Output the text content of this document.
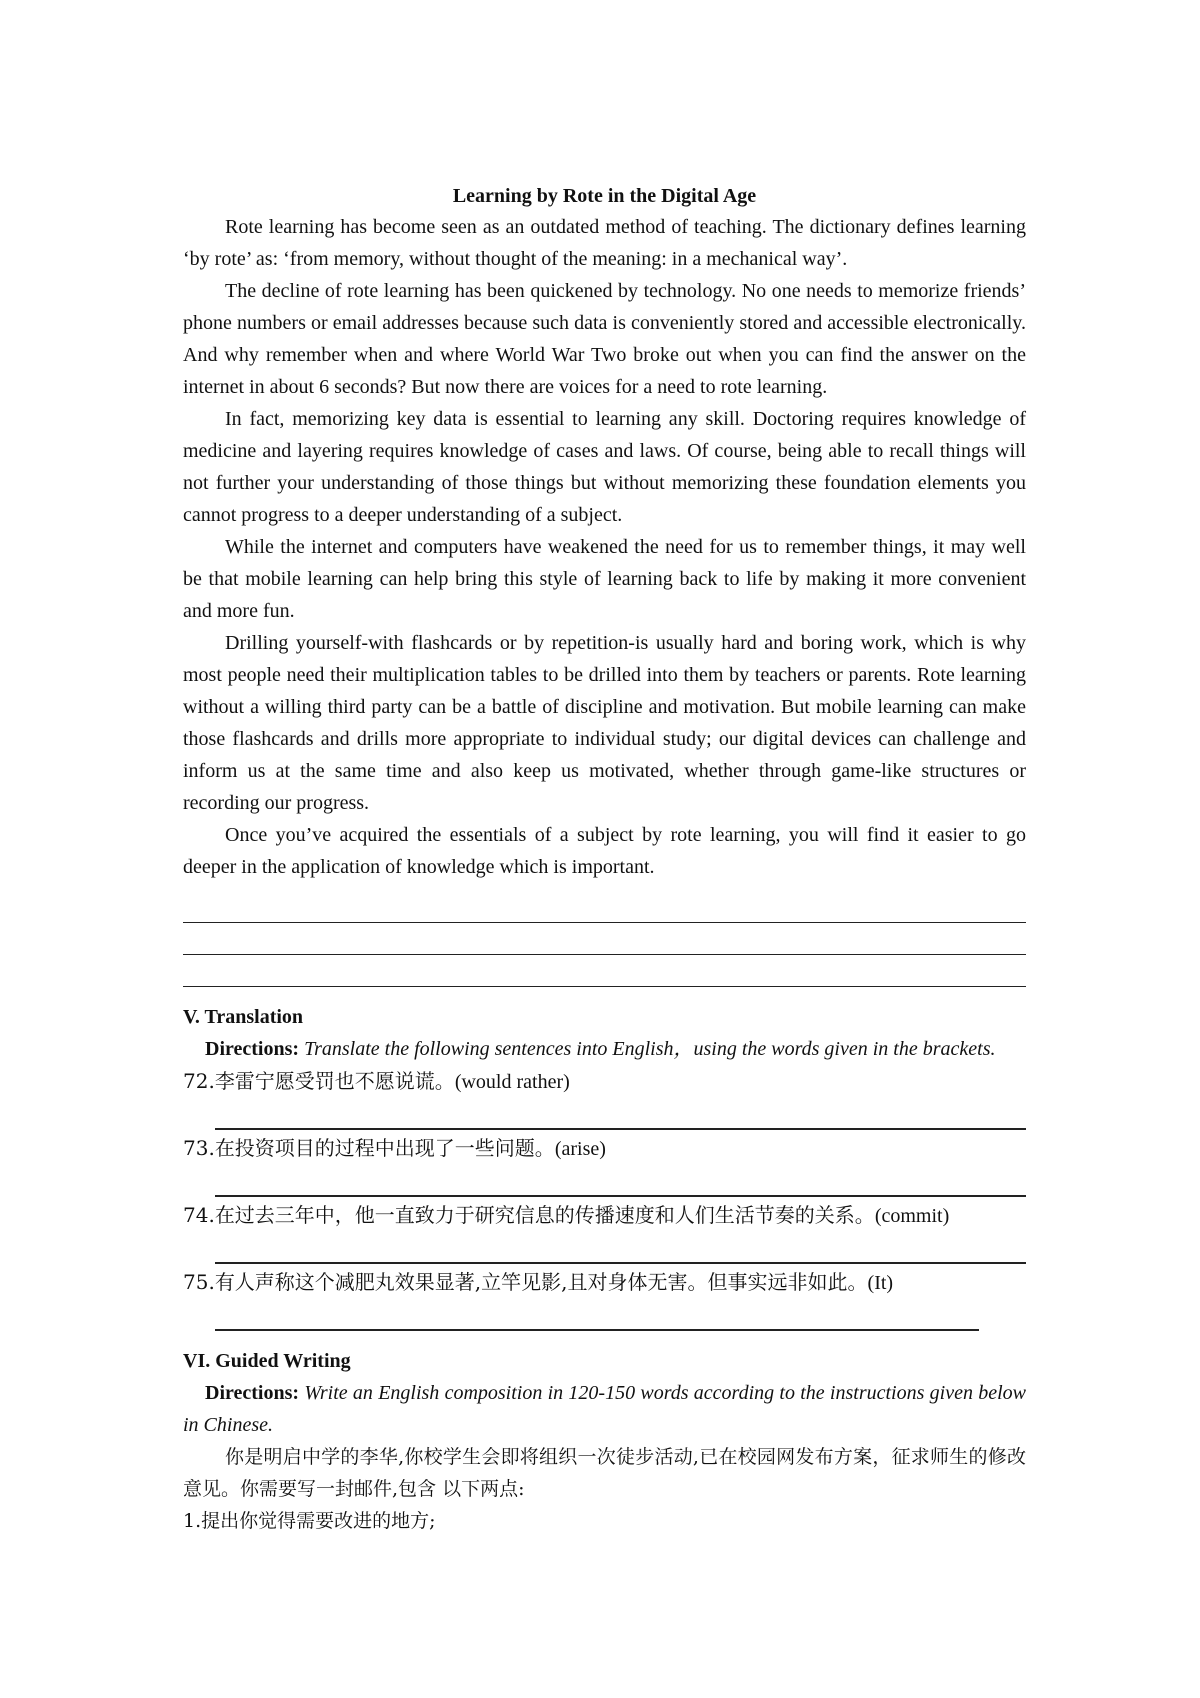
Learning by Rote in the Digital Age

Rote learning has become seen as an outdated method of teaching. The dictionary defines learning ‘by rote’ as: ‘from memory, without thought of the meaning: in a mechanical way’.

The decline of rote learning has been quickened by technology. No one needs to memorize friends’ phone numbers or email addresses because such data is conveniently stored and accessible electronically. And why remember when and where World War Two broke out when you can find the answer on the internet in about 6 seconds? But now there are voices for a need to rote learning.

In fact, memorizing key data is essential to learning any skill. Doctoring requires knowledge of medicine and layering requires knowledge of cases and laws. Of course, being able to recall things will not further your understanding of those things but without memorizing these foundation elements you cannot progress to a deeper understanding of a subject.

While the internet and computers have weakened the need for us to remember things, it may well be that mobile learning can help bring this style of learning back to life by making it more convenient and more fun.

Drilling yourself-with flashcards or by repetition-is usually hard and boring work, which is why most people need their multiplication tables to be drilled into them by teachers or parents. Rote learning without a willing third party can be a battle of discipline and motivation. But mobile learning can make those flashcards and drills more appropriate to individual study; our digital devices can challenge and inform us at the same time and also keep us motivated, whether through game-like structures or recording our progress.

Once you’ve acquired the essentials of a subject by rote learning, you will find it easier to go deeper in the application of knowledge which is important.

V. Translation

Directions: Translate the following sentences into English，using the words given in the brackets.

72.李雷宁愿受罚也不愿说谎。(would rather)

73.在投资项目的过程中出现了一些问题。(arise)

74.在过去三年中，他一直致力于研究信息的传播速度和人们生活节奏的关系。(commit)

75.有人声称这个减肥丸效果显著,立竿见影,且对身体无害。但事实远非如此。(It)

VI. Guided Writing

Directions: Write an English composition in 120-150 words according to the instructions given below in Chinese.

你是明启中学的李华,你校学生会即将组织一次徒步活动,已在校园网发布方案，征求师生的修改意见。你需要写一封邮件,包含 以下两点:

1.提出你觉得需要改进的地方;
